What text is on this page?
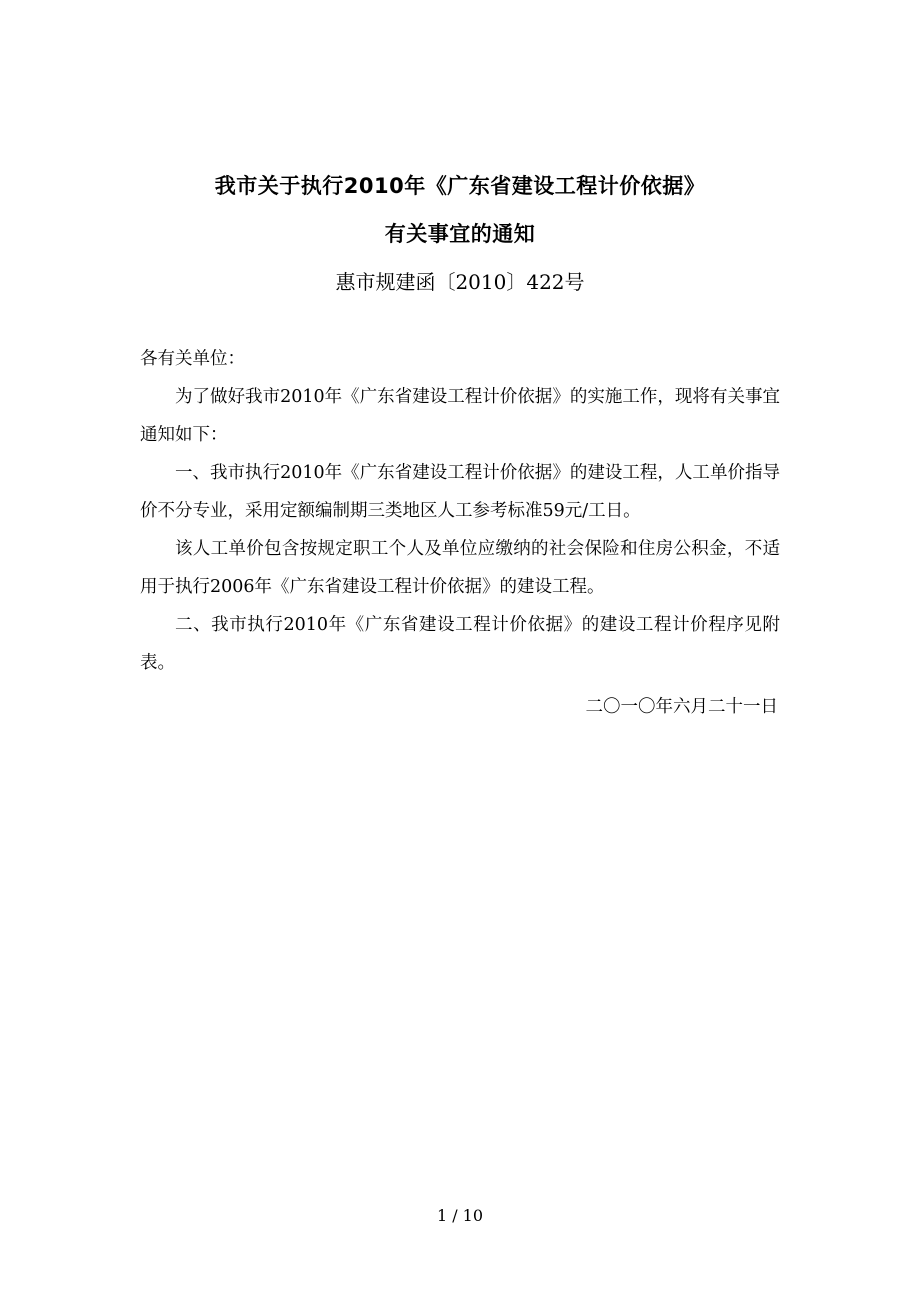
我市关于执行2010年《广东省建设工程计价依据》
有关事宜的通知
惠市规建函〔2010〕422号
各有关单位：
为了做好我市2010年《广东省建设工程计价依据》的实施工作，现将有关事宜通知如下：
一、我市执行2010年《广东省建设工程计价依据》的建设工程，人工单价指导价不分专业，采用定额编制期三类地区人工参考标准59元/工日。
该人工单价包含按规定职工个人及单位应缴纳的社会保险和住房公积金，不适用于执行2006年《广东省建设工程计价依据》的建设工程。
二、我市执行2010年《广东省建设工程计价依据》的建设工程计价程序见附表。
二〇一〇年六月二十一日
1 / 10
